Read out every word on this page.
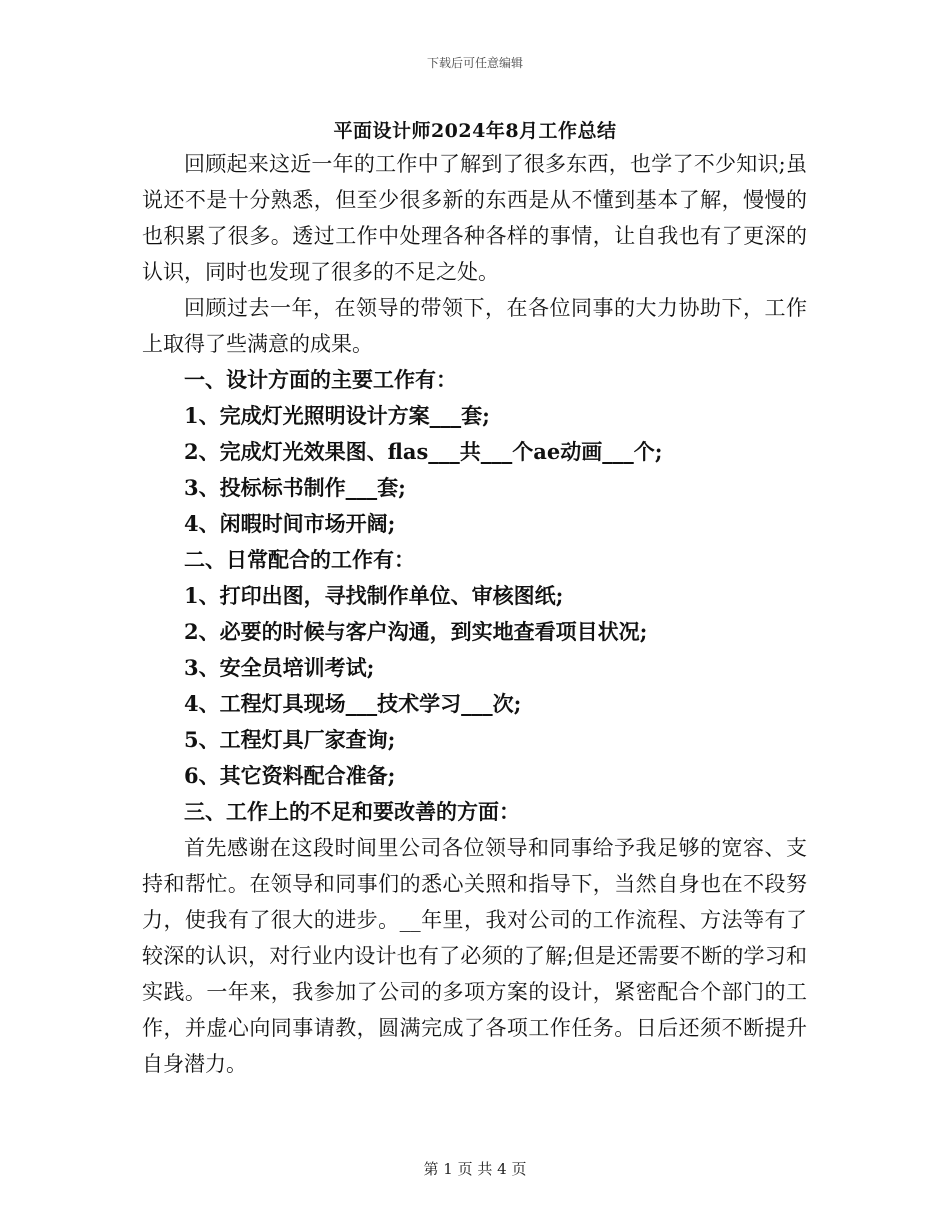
下载后可任意编辑
平面设计师2024年8月工作总结

回顾起来这近一年的工作中了解到了很多东西，也学了不少知识;虽说还不是十分熟悉，但至少很多新的东西是从不懂到基本了解，慢慢的也积累了很多。透过工作中处理各种各样的事情，让自我也有了更深的认识，同时也发现了很多的不足之处。

回顾过去一年，在领导的带领下，在各位同事的大力协助下，工作上取得了些满意的成果。

一、设计方面的主要工作有：

1、完成灯光照明设计方案___套;

2、完成灯光效果图、flas___共___个ae动画___个;

3、投标标书制作___套;

4、闲暇时间市场开阔;

二、日常配合的工作有：

1、打印出图，寻找制作单位、审核图纸;

2、必要的时候与客户沟通，到实地查看项目状况;

3、安全员培训考试;

4、工程灯具现场___技术学习___次;

5、工程灯具厂家查询;

6、其它资料配合准备;

三、工作上的不足和要改善的方面：

首先感谢在这段时间里公司各位领导和同事给予我足够的宽容、支持和帮忙。在领导和同事们的悉心关照和指导下，当然自身也在不段努力，使我有了很大的进步。__年里，我对公司的工作流程、方法等有了较深的认识，对行业内设计也有了必须的了解;但是还需要不断的学习和实践。一年来，我参加了公司的多项方案的设计，紧密配合个部门的工作，并虚心向同事请教，圆满完成了各项工作任务。日后还须不断提升自身潜力。

第 1 页 共 4 页
